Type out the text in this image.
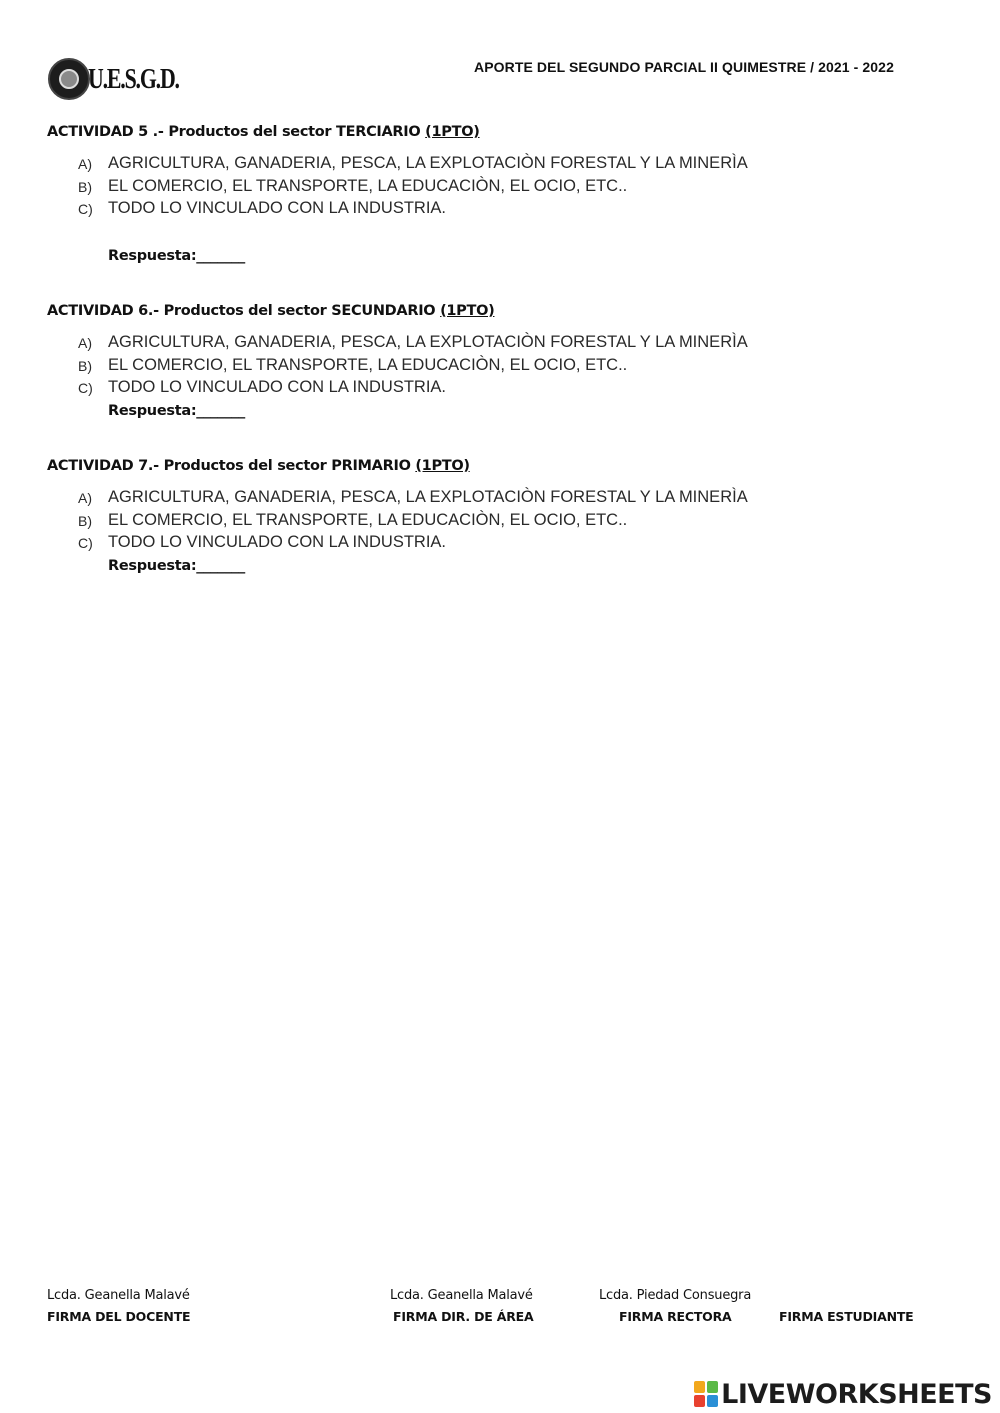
U.E.S.G.D.	APORTE DEL SEGUNDO PARCIAL II QUIMESTRE / 2021 - 2022
ACTIVIDAD 5 .- Productos del sector TERCIARIO (1PTO)
A) AGRICULTURA, GANADERIA, PESCA, LA EXPLOTACIÒN FORESTAL Y LA MINERÌA
B) EL COMERCIO, EL TRANSPORTE, LA EDUCACIÒN, EL OCIO, ETC..
C) TODO LO VINCULADO CON LA INDUSTRIA.
Respuesta:_______
ACTIVIDAD 6.- Productos del sector SECUNDARIO (1PTO)
A) AGRICULTURA, GANADERIA, PESCA, LA EXPLOTACIÒN FORESTAL Y LA MINERÌA
B) EL COMERCIO, EL TRANSPORTE, LA EDUCACIÒN, EL OCIO, ETC..
C) TODO LO VINCULADO CON LA INDUSTRIA.
Respuesta:_______
ACTIVIDAD 7.- Productos del sector PRIMARIO (1PTO)
A) AGRICULTURA, GANADERIA, PESCA, LA EXPLOTACIÒN FORESTAL Y LA MINERÌA
B) EL COMERCIO, EL TRANSPORTE, LA EDUCACIÒN, EL OCIO, ETC..
C) TODO LO VINCULADO CON LA INDUSTRIA.
Respuesta:_______
Lcda. Geanella Malavé
FIRMA DEL DOCENTE
Lcda. Geanella Malavé
FIRMA DIR. DE ÁREA
Lcda. Piedad Consuegra
FIRMA RECTORA	FIRMA ESTUDIANTE
LIVEWORKSHEETS
